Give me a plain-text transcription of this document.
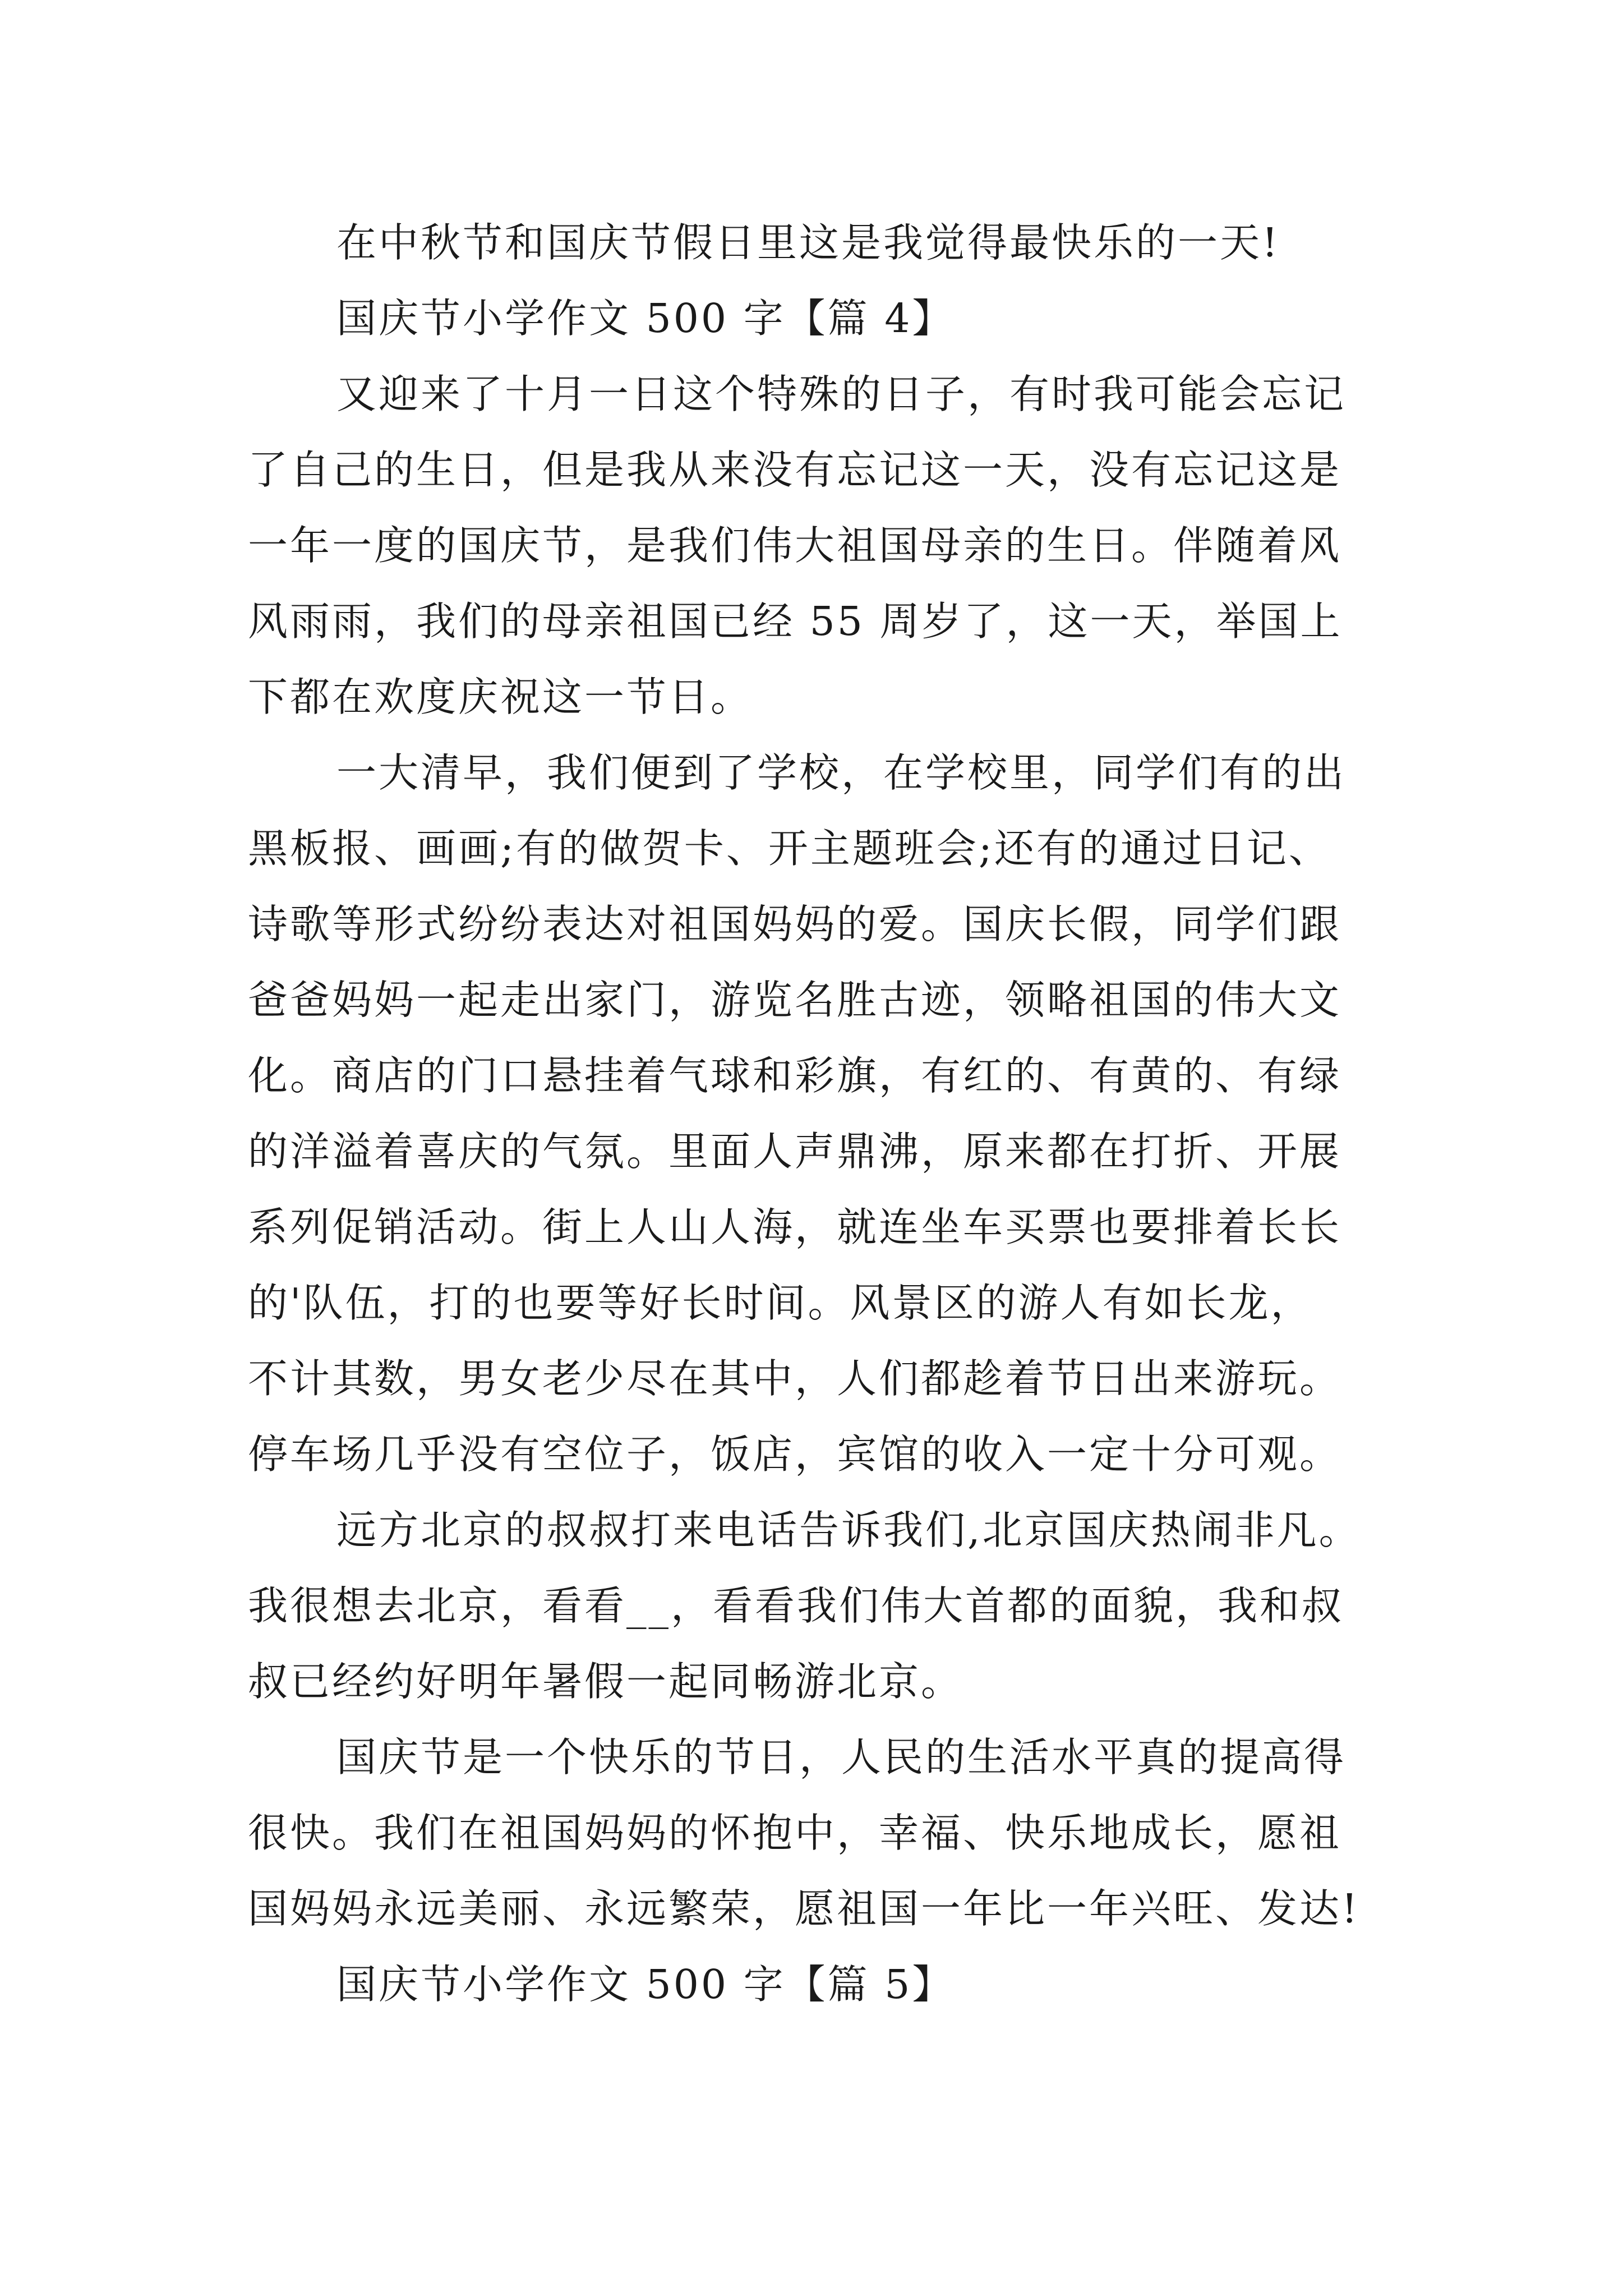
在中秋节和国庆节假日里这是我觉得最快乐的一天!
国庆节小学作文 500 字【篇 4】
又迎来了十月一日这个特殊的日子，有时我可能会忘记
了自己的生日，但是我从来没有忘记这一天，没有忘记这是
一年一度的国庆节，是我们伟大祖国母亲的生日。伴随着风
风雨雨，我们的母亲祖国已经 55 周岁了，这一天，举国上
下都在欢度庆祝这一节日。
一大清早，我们便到了学校，在学校里，同学们有的出
黑板报、画画;有的做贺卡、开主题班会;还有的通过日记、
诗歌等形式纷纷表达对祖国妈妈的爱。国庆长假，同学们跟
爸爸妈妈一起走出家门，游览名胜古迹，领略祖国的伟大文
化。商店的门口悬挂着气球和彩旗，有红的、有黄的、有绿
的洋溢着喜庆的气氛。里面人声鼎沸，原来都在打折、开展
系列促销活动。街上人山人海，就连坐车买票也要排着长长
的'队伍，打的也要等好长时间。风景区的游人有如长龙，
不计其数，男女老少尽在其中，人们都趁着节日出来游玩。
停车场几乎没有空位子，饭店，宾馆的收入一定十分可观。
远方北京的叔叔打来电话告诉我们,北京国庆热闹非凡。
我很想去北京，看看__，看看我们伟大首都的面貌，我和叔
叔已经约好明年暑假一起同畅游北京。
国庆节是一个快乐的节日，人民的生活水平真的提高得
很快。我们在祖国妈妈的怀抱中，幸福、快乐地成长，愿祖
国妈妈永远美丽、永远繁荣，愿祖国一年比一年兴旺、发达!
国庆节小学作文 500 字【篇 5】
